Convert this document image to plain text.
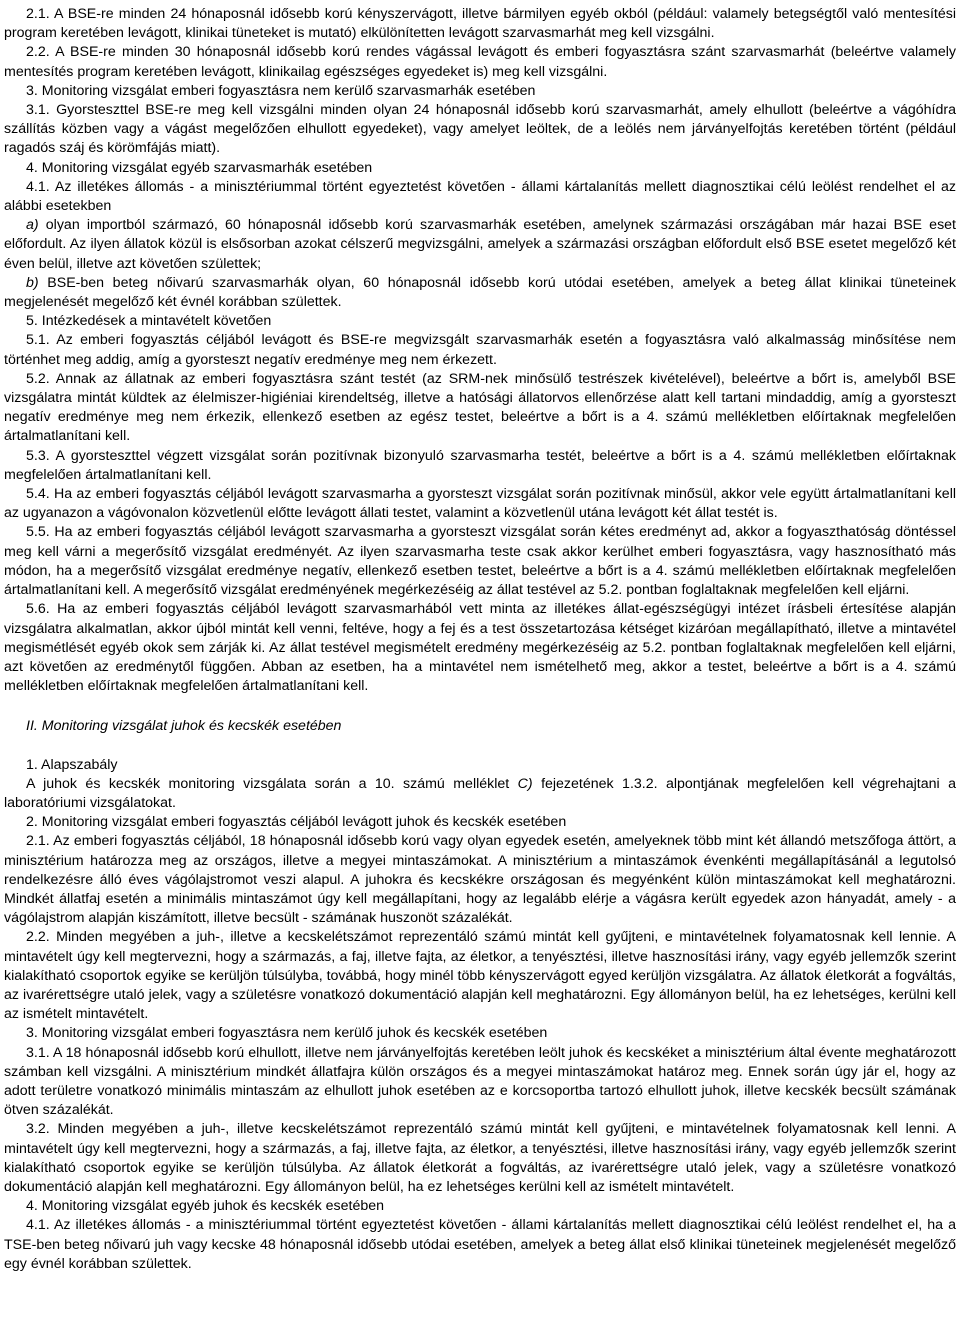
2.1. A BSE-re minden 24 hónaposnál idősebb korú kényszervágott, illetve bármilyen egyéb okból (például: valamely betegségtől való mentesítési program keretében levágott, klinikai tüneteket is mutató) elkülönítetten levágott szarvasmarhát meg kell vizsgálni.

2.2. A BSE-re minden 30 hónaposnál idősebb korú rendes vágással levágott és emberi fogyasztásra szánt szarvasmarhát (beleértve valamely mentesítés program keretében levágott, klinikailag egészséges egyedeket is) meg kell vizsgálni.

3. Monitoring vizsgálat emberi fogyasztásra nem kerülő szarvasmarhák esetében

3.1. Gyorsteszttel BSE-re meg kell vizsgálni minden olyan 24 hónaposnál idősebb korú szarvasmarhát, amely elhullott (beleértve a vágóhídra szállítás közben vagy a vágást megelőzően elhullott egyedeket), vagy amelyet leöltek, de a leölés nem járványelfojtás keretében történt (például ragadós száj és körömfájás miatt).

4. Monitoring vizsgálat egyéb szarvasmarhák esetében

4.1. Az illetékes állomás - a minisztériummal történt egyeztetést követően - állami kártalanítás mellett diagnosztikai célú leölést rendelhet el az alábbi esetekben

a) olyan importból származó, 60 hónaposnál idősebb korú szarvasmarhák esetében, amelynek származási országában már hazai BSE eset előfordult. Az ilyen állatok közül is elsősorban azokat célszerű megvizsgálni, amelyek a származási országban előfordult első BSE esetet megelőző két éven belül, illetve azt követően születtek;

b) BSE-ben beteg nőivarú szarvasmarhák olyan, 60 hónaposnál idősebb korú utódai esetében, amelyek a beteg állat klinikai tüneteinek megjelenését megelőző két évnél korábban születtek.

5. Intézkedések a mintavételt követően

5.1. Az emberi fogyasztás céljából levágott és BSE-re megvizsgált szarvasmarhák esetén a fogyasztásra való alkalmasság minősítése nem történhet meg addig, amíg a gyorsteszt negatív eredménye meg nem érkezett.

5.2. Annak az állatnak az emberi fogyasztásra szánt testét (az SRM-nek minősülő testrészek kivételével), beleértve a bőrt is, amelyből BSE vizsgálatra mintát küldtek az élelmiszer-higiéniai kirendeltség, illetve a hatósági állatorvos ellenőrzése alatt kell tartani mindaddig, amíg a gyorsteszt negatív eredménye meg nem érkezik, ellenkező esetben az egész testet, beleértve a bőrt is a 4. számú mellékletben előírtaknak megfelelően ártalmatlanítani kell.

5.3. A gyorsteszttel végzett vizsgálat során pozitívnak bizonyuló szarvasmarha testét, beleértve a bőrt is a 4. számú mellékletben előírtaknak megfelelően ártalmatlanítani kell.

5.4. Ha az emberi fogyasztás céljából levágott szarvasmarha a gyorsteszt vizsgálat során pozitívnak minősül, akkor vele együtt ártalmatlanítani kell az ugyanazon a vágóvonalon közvetlenül előtte levágott állati testet, valamint a közvetlenül utána levágott két állat testét is.

5.5. Ha az emberi fogyasztás céljából levágott szarvasmarha a gyorsteszt vizsgálat során kétes eredményt ad, akkor a fogyaszthatóság döntéssel meg kell várni a megerősítő vizsgálat eredményét. Az ilyen szarvasmarha teste csak akkor kerülhet emberi fogyasztásra, vagy hasznosítható más módon, ha a megerősítő vizsgálat eredménye negatív, ellenkező esetben testet, beleértve a bőrt is a 4. számú mellékletben előírtaknak megfelelően ártalmatlanítani kell. A megerősítő vizsgálat eredményének megérkezéséig az állat testével az 5.2. pontban foglaltaknak megfelelően kell eljárni.

5.6. Ha az emberi fogyasztás céljából levágott szarvasmarhából vett minta az illetékes állat-egészségügyi intézet írásbeli értesítése alapján vizsgálatra alkalmatlan, akkor újból mintát kell venni, feltéve, hogy a fej és a test összetartozása kétséget kizáróan megállapítható, illetve a mintavétel megismétlését egyéb okok sem zárják ki. Az állat testével megismételt eredmény megérkezéséig az 5.2. pontban foglaltaknak megfelelően kell eljárni, azt követően az eredménytől függően. Abban az esetben, ha a mintavétel nem ismételhető meg, akkor a testet, beleértve a bőrt is a 4. számú mellékletben előírtaknak megfelelően ártalmatlanítani kell.

II. Monitoring vizsgálat juhok és kecskék esetében

1. Alapszabály

A juhok és kecskék monitoring vizsgálata során a 10. számú melléklet C) fejezetének 1.3.2. alpontjának megfelelően kell végrehajtani a laboratóriumi vizsgálatokat.

2. Monitoring vizsgálat emberi fogyasztás céljából levágott juhok és kecskék esetében

2.1. Az emberi fogyasztás céljából, 18 hónaposnál idősebb korú vagy olyan egyedek esetén, amelyeknek több mint két állandó metszőfoga áttört, a minisztérium határozza meg az országos, illetve a megyei mintaszámokat. A minisztérium a mintaszámok évenkénti megállapításánál a legutolsó rendelkezésre álló éves vágólajstromot veszi alapul. A juhokra és kecskékre országosan és megyénként külön mintaszámokat kell meghatározni. Mindkét állatfaj esetén a minimális mintaszámot úgy kell megállapítani, hogy az legalább elérje a vágásra került egyedek azon hányadát, amely - a vágólajstrom alapján kiszámított, illetve becsült - számának huszonöt százalékát.

2.2. Minden megyében a juh-, illetve a kecskelétszámot reprezentáló számú mintát kell gyűjteni, e mintavételnek folyamatosnak kell lennie. A mintavételt úgy kell megtervezni, hogy a származás, a faj, illetve fajta, az életkor, a tenyésztési, illetve hasznosítási irány, vagy egyéb jellemzők szerint kialakítható csoportok egyike se kerüljön túlsúlyba, továbbá, hogy minél több kényszervágott egyed kerüljön vizsgálatra. Az állatok életkorát a fogváltás, az ivarérettségre utaló jelek, vagy a születésre vonatkozó dokumentáció alapján kell meghatározni. Egy állományon belül, ha ez lehetséges, kerülni kell az ismételt mintavételt.

3. Monitoring vizsgálat emberi fogyasztásra nem kerülő juhok és kecskék esetében

3.1. A 18 hónaposnál idősebb korú elhullott, illetve nem járványelfojtás keretében leölt juhok és kecskéket a minisztérium által évente meghatározott számban kell vizsgálni. A minisztérium mindkét állatfajra külön országos és a megyei mintaszámokat határoz meg. Ennek során úgy jár el, hogy az adott területre vonatkozó minimális mintaszám az elhullott juhok esetében az e korcsoportba tartozó elhullott juhok, illetve kecskék becsült számának ötven százalékát.

3.2. Minden megyében a juh-, illetve kecskelétszámot reprezentáló számú mintát kell gyűjteni, e mintavételnek folyamatosnak kell lenni. A mintavételt úgy kell megtervezni, hogy a származás, a faj, illetve fajta, az életkor, a tenyésztési, illetve hasznosítási irány, vagy egyéb jellemzők szerint kialakítható csoportok egyike se kerüljön túlsúlyba. Az állatok életkorát a fogváltás, az ivarérettségre utaló jelek, vagy a születésre vonatkozó dokumentáció alapján kell meghatározni. Egy állományon belül, ha ez lehetséges kerülni kell az ismételt mintavételt.

4. Monitoring vizsgálat egyéb juhok és kecskék esetében

4.1. Az illetékes állomás - a minisztériummal történt egyeztetést követően - állami kártalanítás mellett diagnosztikai célú leölést rendelhet el, ha a TSE-ben beteg nőivarú juh vagy kecske 48 hónaposnál idősebb utódai esetében, amelyek a beteg állat első klinikai tüneteinek megjelenését megelőző egy évnél korábban születtek.
